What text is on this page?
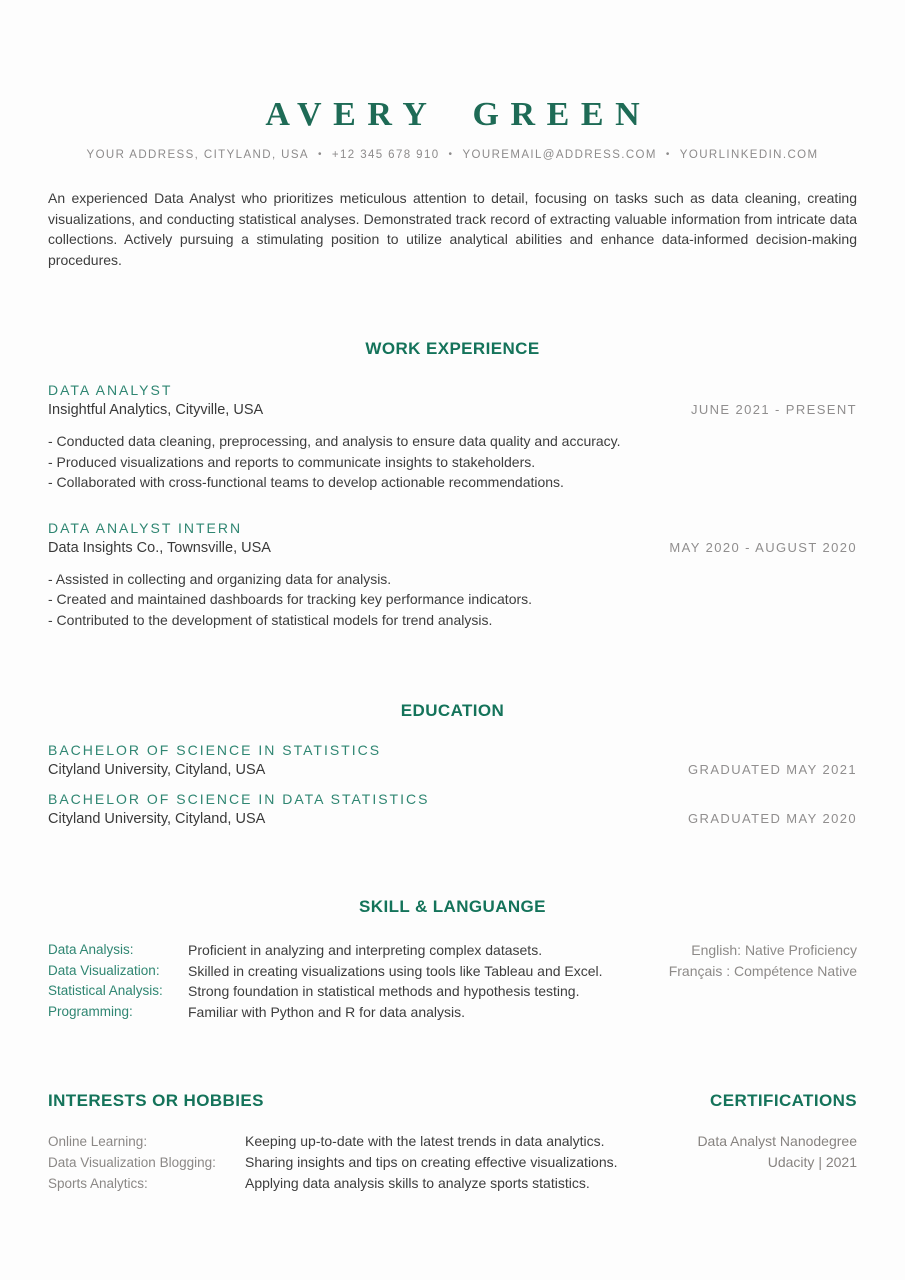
AVERY GREEN
YOUR ADDRESS, CITYLAND, USA • +12 345 678 910 • YOUREMAIL@ADDRESS.COM • YOURLINKEDIN.COM

An experienced Data Analyst who prioritizes meticulous attention to detail, focusing on tasks such as data cleaning, creating visualizations, and conducting statistical analyses. Demonstrated track record of extracting valuable information from intricate data collections. Actively pursuing a stimulating position to utilize analytical abilities and enhance data-informed decision-making procedures.

WORK EXPERIENCE
DATA ANALYST
Insightful Analytics, Cityville, USA	JUNE 2021 - PRESENT
- Conducted data cleaning, preprocessing, and analysis to ensure data quality and accuracy.
- Produced visualizations and reports to communicate insights to stakeholders.
- Collaborated with cross-functional teams to develop actionable recommendations.
DATA ANALYST INTERN
Data Insights Co., Townsville, USA	MAY 2020 - AUGUST 2020
- Assisted in collecting and organizing data for analysis.
- Created and maintained dashboards for tracking key performance indicators.
- Contributed to the development of statistical models for trend analysis.
EDUCATION
BACHELOR OF SCIENCE IN STATISTICS
Cityland University, Cityland, USA	GRADUATED MAY 2021
BACHELOR OF SCIENCE IN DATA STATISTICS
Cityland University, Cityland, USA	GRADUATED MAY 2020
SKILL & LANGUANGE
Data Analysis:	Proficient in analyzing and interpreting complex datasets.
Data Visualization:	Skilled in creating visualizations using tools like Tableau and Excel.
Statistical Analysis:	Strong foundation in statistical methods and hypothesis testing.
Programming:	Familiar with Python and R for data analysis.
English: Native Proficiency
Français : Compétence Native
INTERESTS OR HOBBIES
Online Learning:	Keeping up-to-date with the latest trends in data analytics.
Data Visualization Blogging:	Sharing insights and tips on creating effective visualizations.
Sports Analytics:	Applying data analysis skills to analyze sports statistics.
CERTIFICATIONS
Data Analyst Nanodegree
Udacity | 2021
